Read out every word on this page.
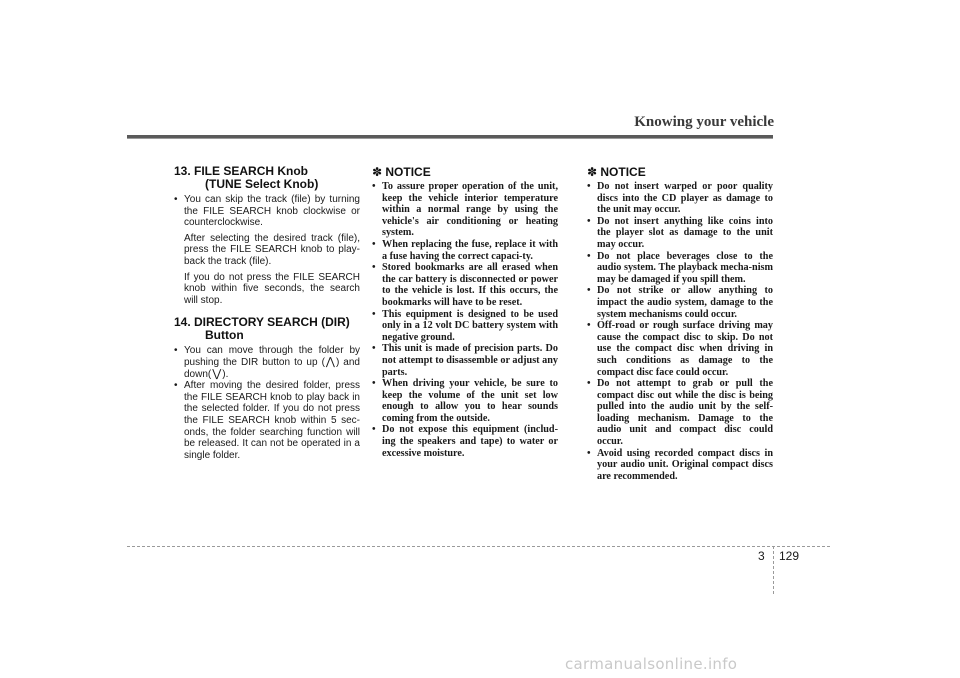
Knowing your vehicle
13. FILE SEARCH Knob
(TUNE Select Knob)

• You can skip the track (file) by turning the FILE SEARCH knob clockwise or counterclockwise.

After selecting the desired track (file), press the FILE SEARCH knob to play-back the track (file).

If you do not press the FILE SEARCH knob within five seconds, the search will stop.

14. DIRECTORY SEARCH (DIR)
Button
• You can move through the folder by pushing the DIR button to up (⋀) and down(⋁).
• After moving the desired folder, press the FILE SEARCH knob to play back in the selected folder. If you do not press the FILE SEARCH knob within 5 sec-onds, the folder searching function will be released. It can not be operated in a single folder.
✽ NOTICE
• To assure proper operation of the unit, keep the vehicle interior temperature within a normal range by using the vehicle's air conditioning or heating system.
• When replacing the fuse, replace it with a fuse having the correct capaci-ty.
• Stored bookmarks are all erased when the car battery is disconnected or power to the vehicle is lost. If this occurs, the bookmarks will have to be reset.
• This equipment is designed to be used only in a 12 volt DC battery system with negative ground.
• This unit is made of precision parts. Do not attempt to disassemble or adjust any parts.
• When driving your vehicle, be sure to keep the volume of the unit set low enough to allow you to hear sounds coming from the outside.
• Do not expose this equipment (includ-ing the speakers and tape) to water or excessive moisture.
✽ NOTICE
• Do not insert warped or poor quality discs into the CD player as damage to the unit may occur.
• Do not insert anything like coins into the player slot as damage to the unit may occur.
• Do not place beverages close to the audio system. The playback mecha-nism may be damaged if you spill them.
• Do not strike or allow anything to impact the audio system, damage to the system mechanisms could occur.
• Off-road or rough surface driving may cause the compact disc to skip. Do not use the compact disc when driving in such conditions as damage to the compact disc face could occur.
• Do not attempt to grab or pull the compact disc out while the disc is being pulled into the audio unit by the self-loading mechanism. Damage to the audio unit and compact disc could occur.
• Avoid using recorded compact discs in your audio unit. Original compact discs are recommended.
3 129
carmanualsonline.info
